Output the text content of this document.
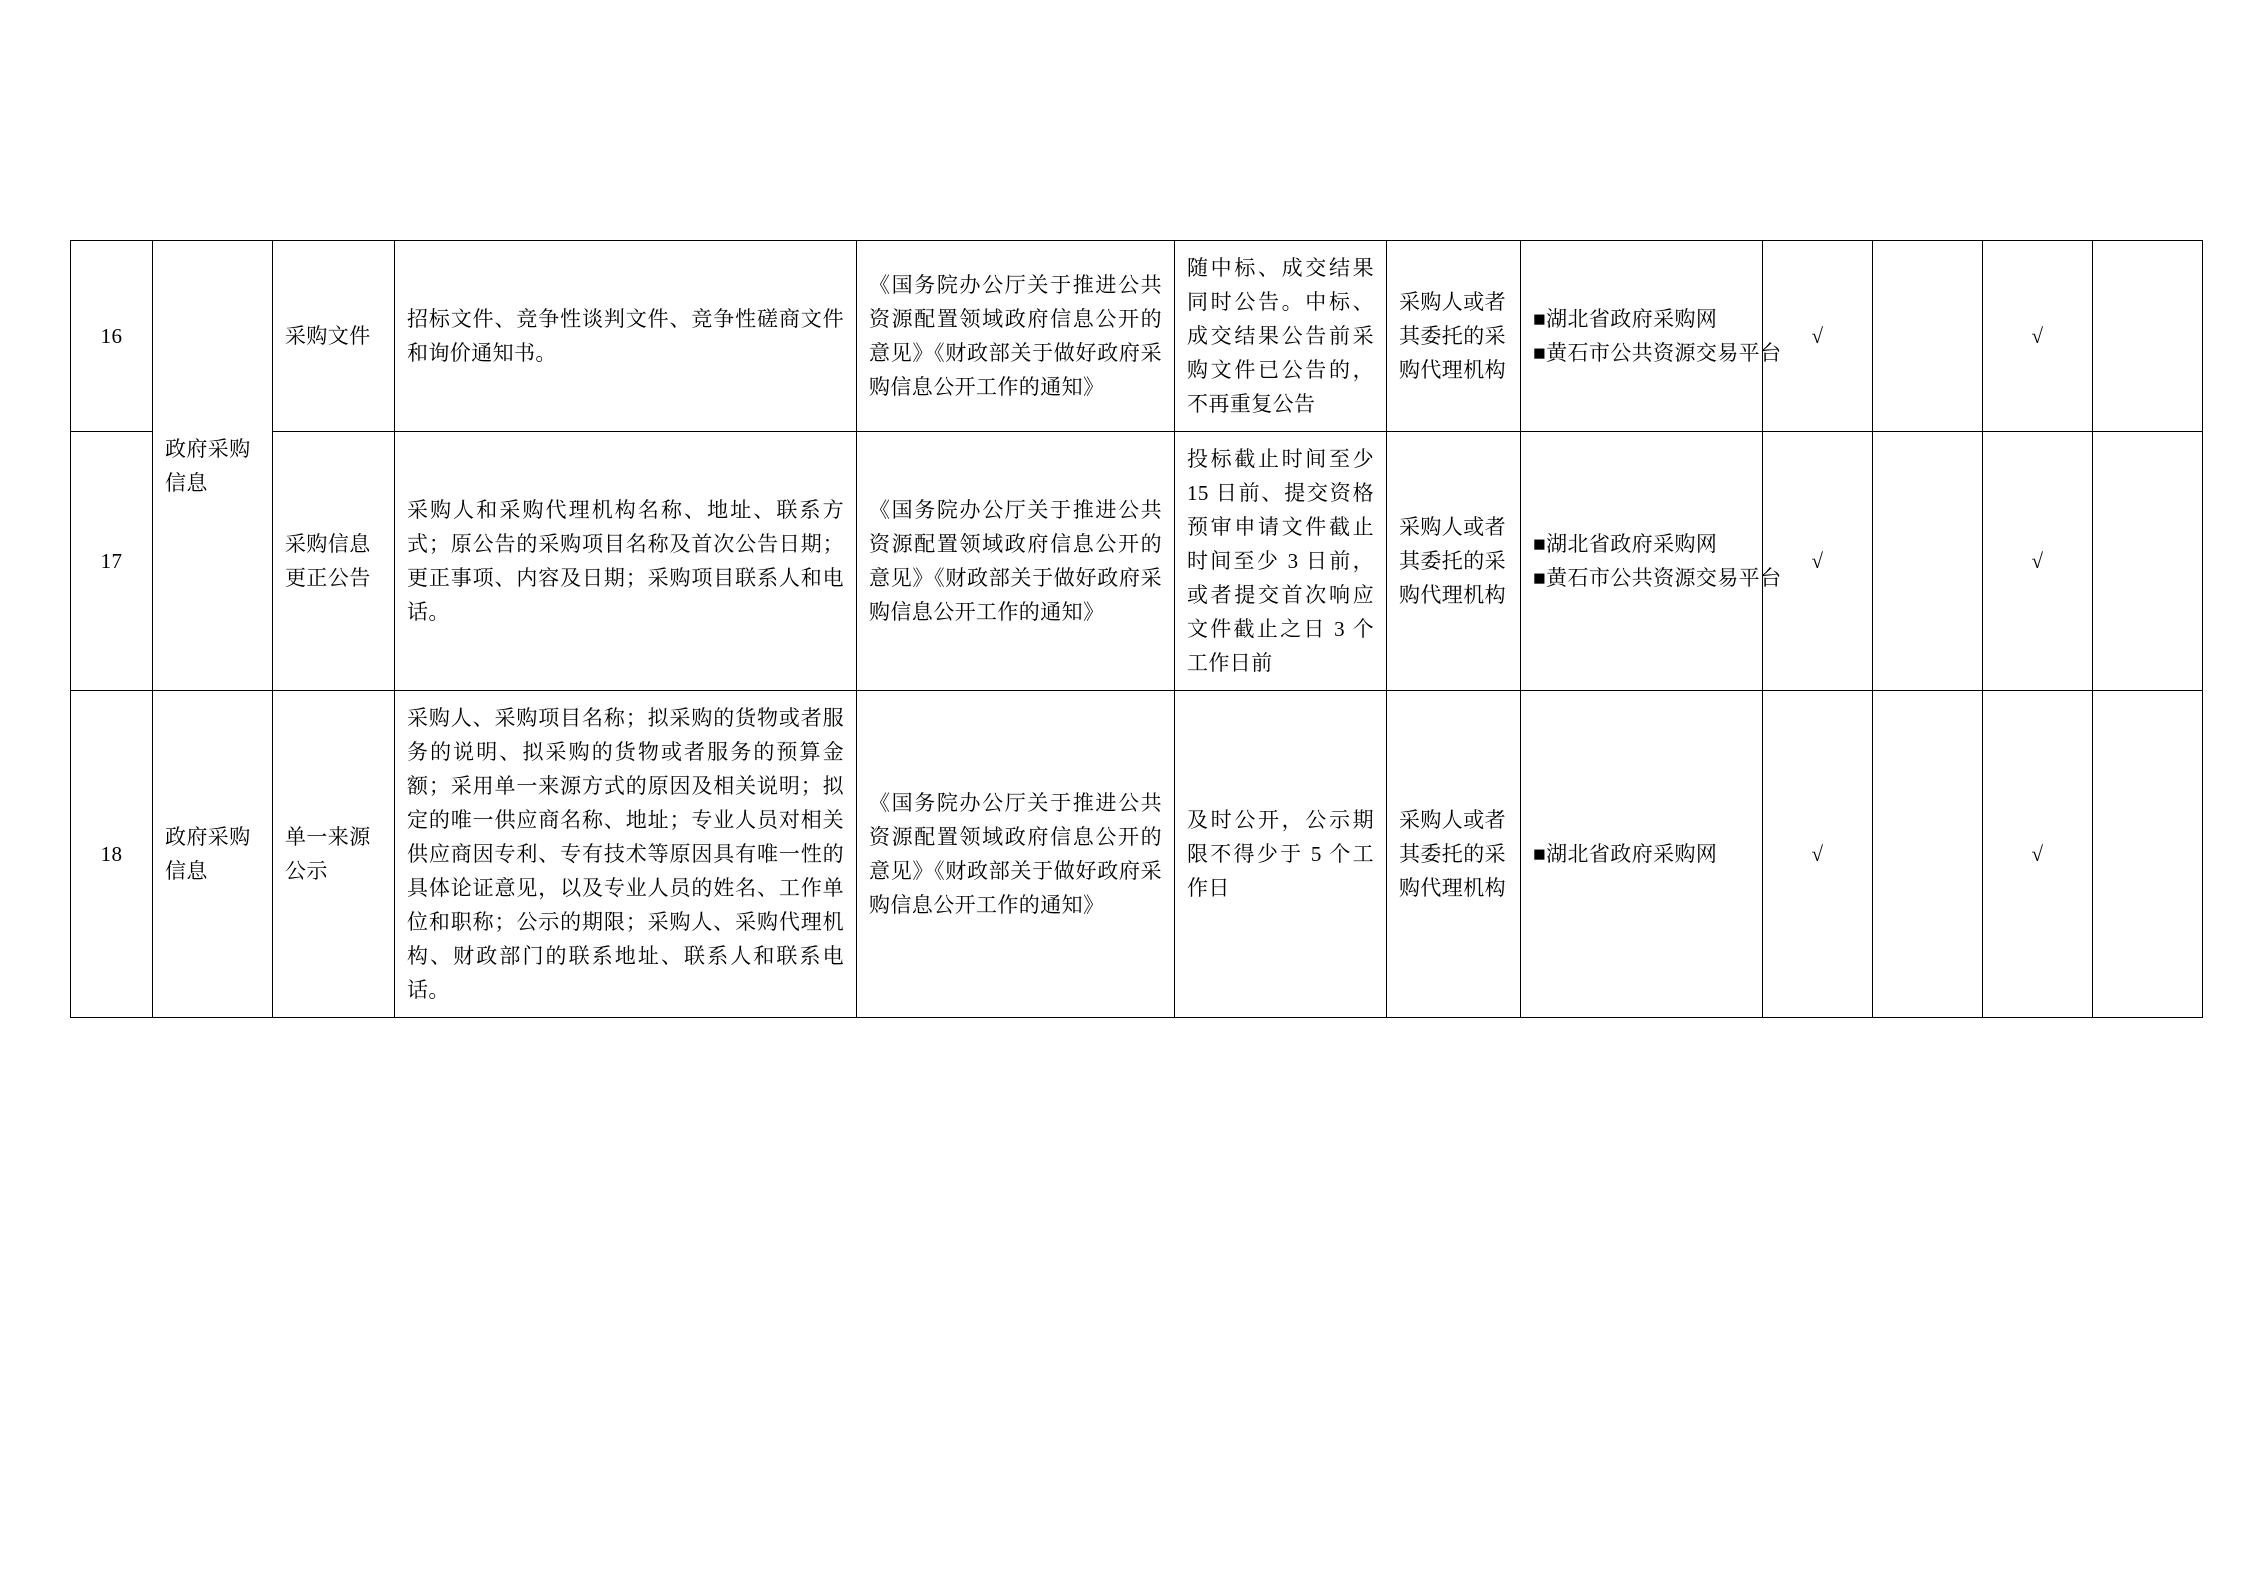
16	政府采购信息	采购文件	招标文件、竞争性谈判文件、竞争性磋商文件和询价通知书。	《国务院办公厅关于推进公共资源配置领域政府信息公开的意见》《财政部关于做好政府采购信息公开工作的通知》	随中标、成交结果同时公告。中标、成交结果公告前采购文件已公告的，不再重复公告	采购人或者其委托的采购代理机构	■湖北省政府采购网
■黄石市公共资源交易平台	√		√	
17		采购信息更正公告	采购人和采购代理机构名称、地址、联系方式；原公告的采购项目名称及首次公告日期；更正事项、内容及日期；采购项目联系人和电话。	《国务院办公厅关于推进公共资源配置领域政府信息公开的意见》《财政部关于做好政府采购信息公开工作的通知》	投标截止时间至少 15 日前、提交资格预审申请文件截止时间至少 3 日前，或者提交首次响应文件截止之日 3 个工作日前	采购人或者其委托的采购代理机构	■湖北省政府采购网
■黄石市公共资源交易平台	√		√	
18	政府采购信息	单一来源公示	采购人、采购项目名称；拟采购的货物或者服务的说明、拟采购的货物或者服务的预算金额；采用单一来源方式的原因及相关说明；拟定的唯一供应商名称、地址；专业人员对相关供应商因专利、专有技术等原因具有唯一性的具体论证意见，以及专业人员的姓名、工作单位和职称；公示的期限；采购人、采购代理机构、财政部门的联系地址、联系人和联系电话。	《国务院办公厅关于推进公共资源配置领域政府信息公开的意见》《财政部关于做好政府采购信息公开工作的通知》	及时公开，公示期限不得少于 5 个工作日	采购人或者其委托的采购代理机构	■湖北省政府采购网	√		√	
